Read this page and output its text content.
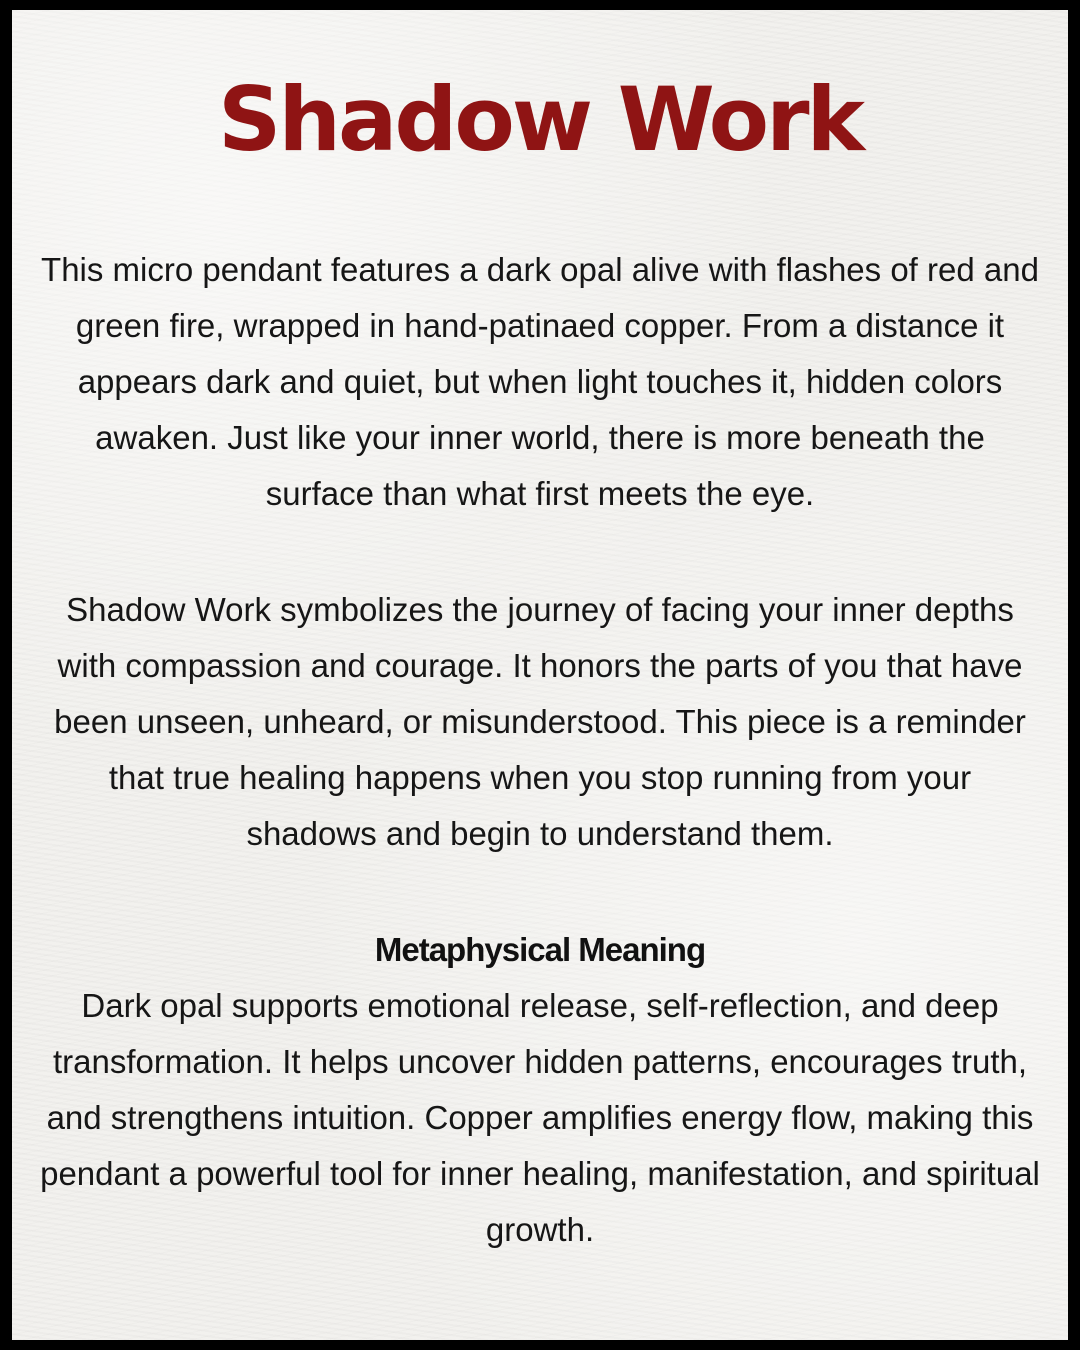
Shadow Work

This micro pendant features a dark opal alive with flashes of red and green fire, wrapped in hand-patinaed copper. From a distance it appears dark and quiet, but when light touches it, hidden colors awaken. Just like your inner world, there is more beneath the surface than what first meets the eye.

Shadow Work symbolizes the journey of facing your inner depths with compassion and courage. It honors the parts of you that have been unseen, unheard, or misunderstood. This piece is a reminder that true healing happens when you stop running from your shadows and begin to understand them.

Metaphysical Meaning

Dark opal supports emotional release, self-reflection, and deep transformation. It helps uncover hidden patterns, encourages truth, and strengthens intuition. Copper amplifies energy flow, making this pendant a powerful tool for inner healing, manifestation, and spiritual growth.
